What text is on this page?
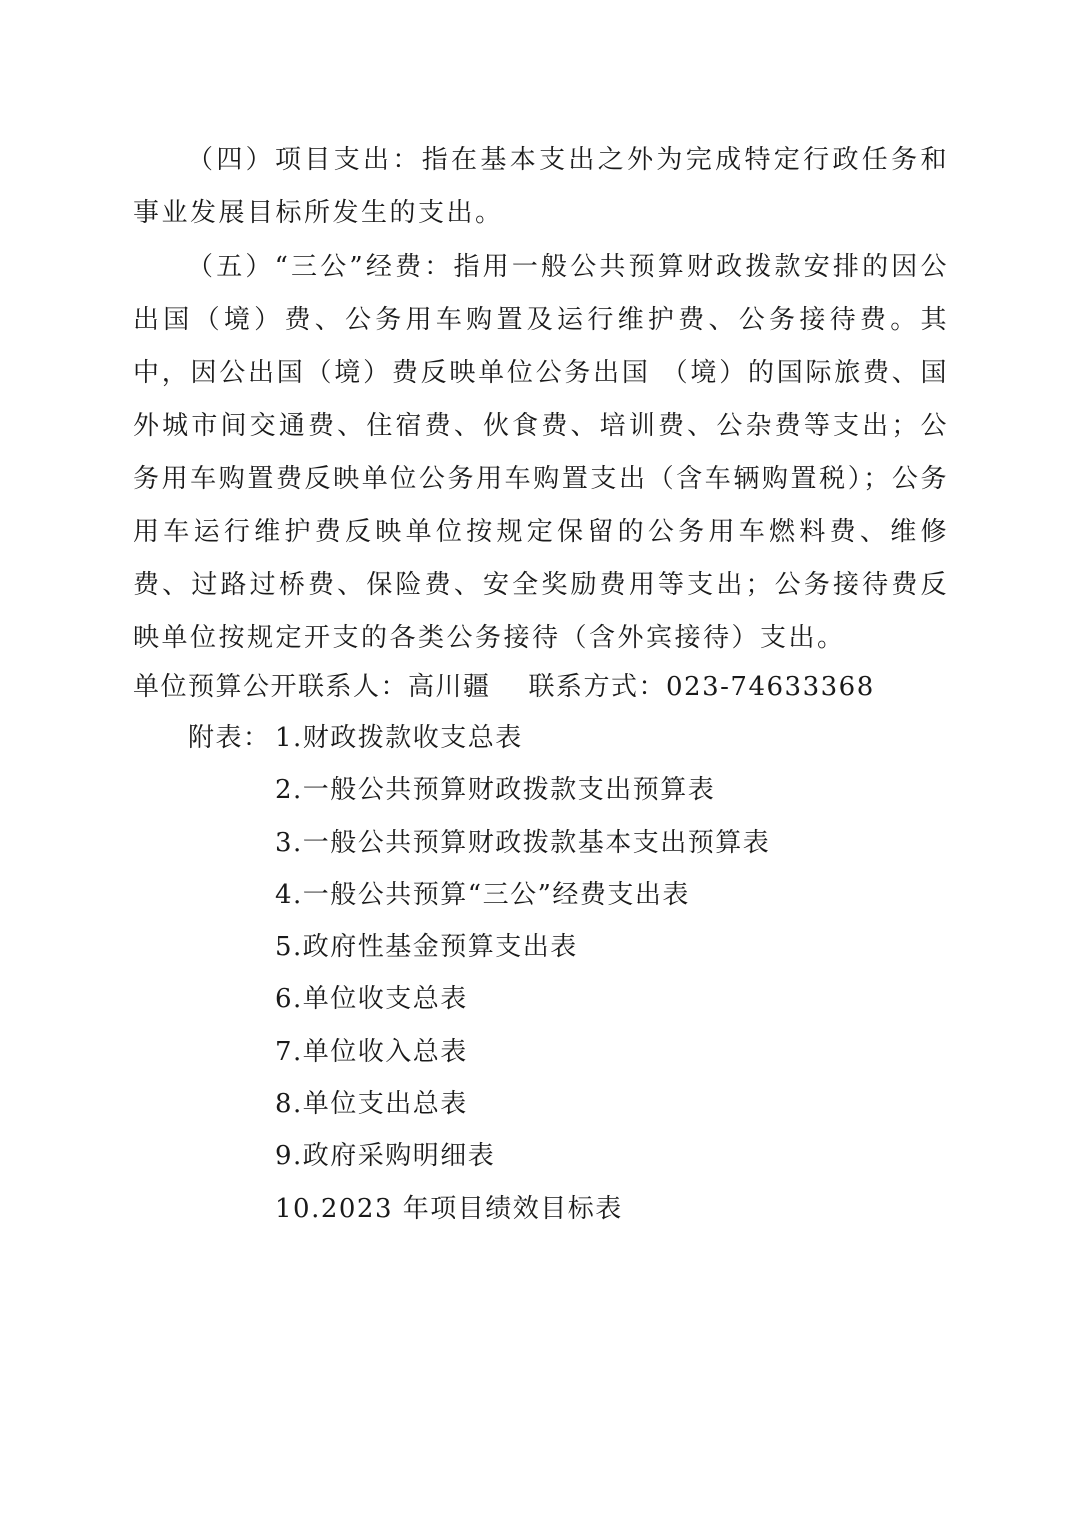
（四）项目支出：指在基本支出之外为完成特定行政任务和事业发展目标所发生的支出。

（五）“三公”经费：指用一般公共预算财政拨款安排的因公出国（境）费、公务用车购置及运行维护费、公务接待费。其中，因公出国（境）费反映单位公务出国 （境）的国际旅费、国外城市间交通费、住宿费、伙食费、培训费、公杂费等支出；公务用车购置费反映单位公务用车购置支出（含车辆购置税）；公务用车运行维护费反映单位按规定保留的公务用车燃料费、维修费、过路过桥费、保险费、安全奖励费用等支出；公务接待费反映单位按规定开支的各类公务接待（含外宾接待）支出。

单位预算公开联系人：高川疆 联系方式：023-74633368
附表： 1.财政拨款收支总表
2.一般公共预算财政拨款支出预算表
3.一般公共预算财政拨款基本支出预算表
4.一般公共预算“三公”经费支出表
5.政府性基金预算支出表
6.单位收支总表
7.单位收入总表
8.单位支出总表
9.政府采购明细表
10.2023 年项目绩效目标表
